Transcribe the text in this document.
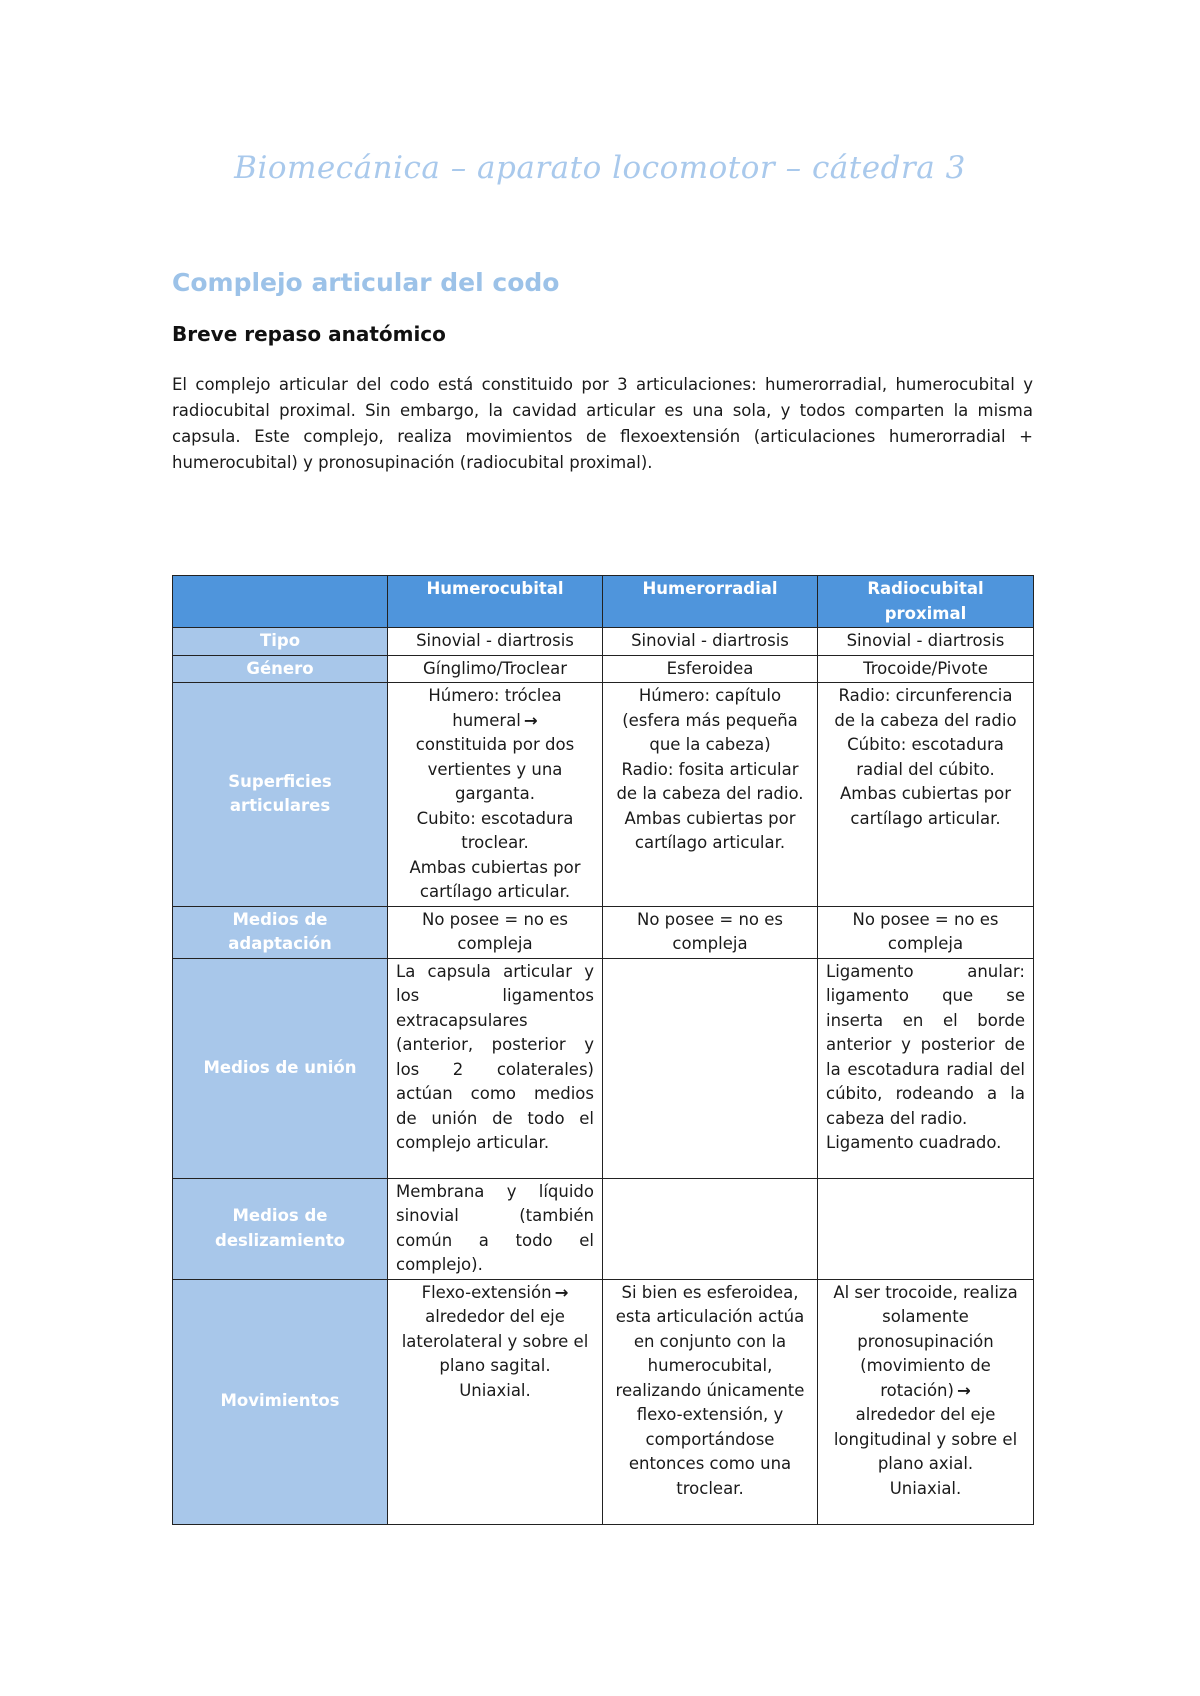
Biomecánica – aparato locomotor – cátedra 3
Complejo articular del codo
Breve repaso anatómico

El complejo articular del codo está constituido por 3 articulaciones: humerorradial, humerocubital y radiocubital proximal. Sin embargo, la cavidad articular es una sola, y todos comparten la misma capsula. Este complejo, realiza movimientos de flexoextensión (articulaciones humerorradial + humerocubital) y pronosupinación (radiocubital proximal).

	Humerocubital	Humerorradial	Radiocubital proximal
Tipo	Sinovial - diartrosis	Sinovial - diartrosis	Sinovial - diartrosis
Género	Gínglimo/Troclear	Esferoidea	Trocoide/Pivote
Superficies articulares	Húmero: tróclea humeral →
constituida por dos vertientes y una garganta.
Cubito: escotadura troclear.
Ambas cubiertas por cartílago articular.	Húmero: capítulo (esfera más pequeña que la cabeza)
Radio: fosita articular de la cabeza del radio.
Ambas cubiertas por cartílago articular.	Radio: circunferencia de la cabeza del radio
Cúbito: escotadura radial del cúbito.
Ambas cubiertas por cartílago articular.

Medios de adaptación	No posee = no es compleja	No posee = no es compleja	No posee = no es compleja
Medios de unión	La capsula articular y los ligamentos extracapsulares (anterior, posterior y los 2 colaterales) actúan como medios de unión de todo el complejo articular.		Ligamento anular: ligamento que se inserta en el borde anterior y posterior de la escotadura radial del cúbito, rodeando a la cabeza del radio.
Ligamento cuadrado.

Medios de deslizamiento	Membrana y líquido sinovial (también común a todo el complejo).		
Movimientos	Flexo-extensión →
alrededor del eje laterolateral y sobre el plano sagital.
Uniaxial.	Si bien es esferoidea, esta articulación actúa en conjunto con la humerocubital, realizando únicamente flexo-extensión, y comportándose entonces como una troclear.	Al ser trocoide, realiza solamente pronosupinación (movimiento de rotación) →
alrededor del eje longitudinal y sobre el plano axial.
Uniaxial.
